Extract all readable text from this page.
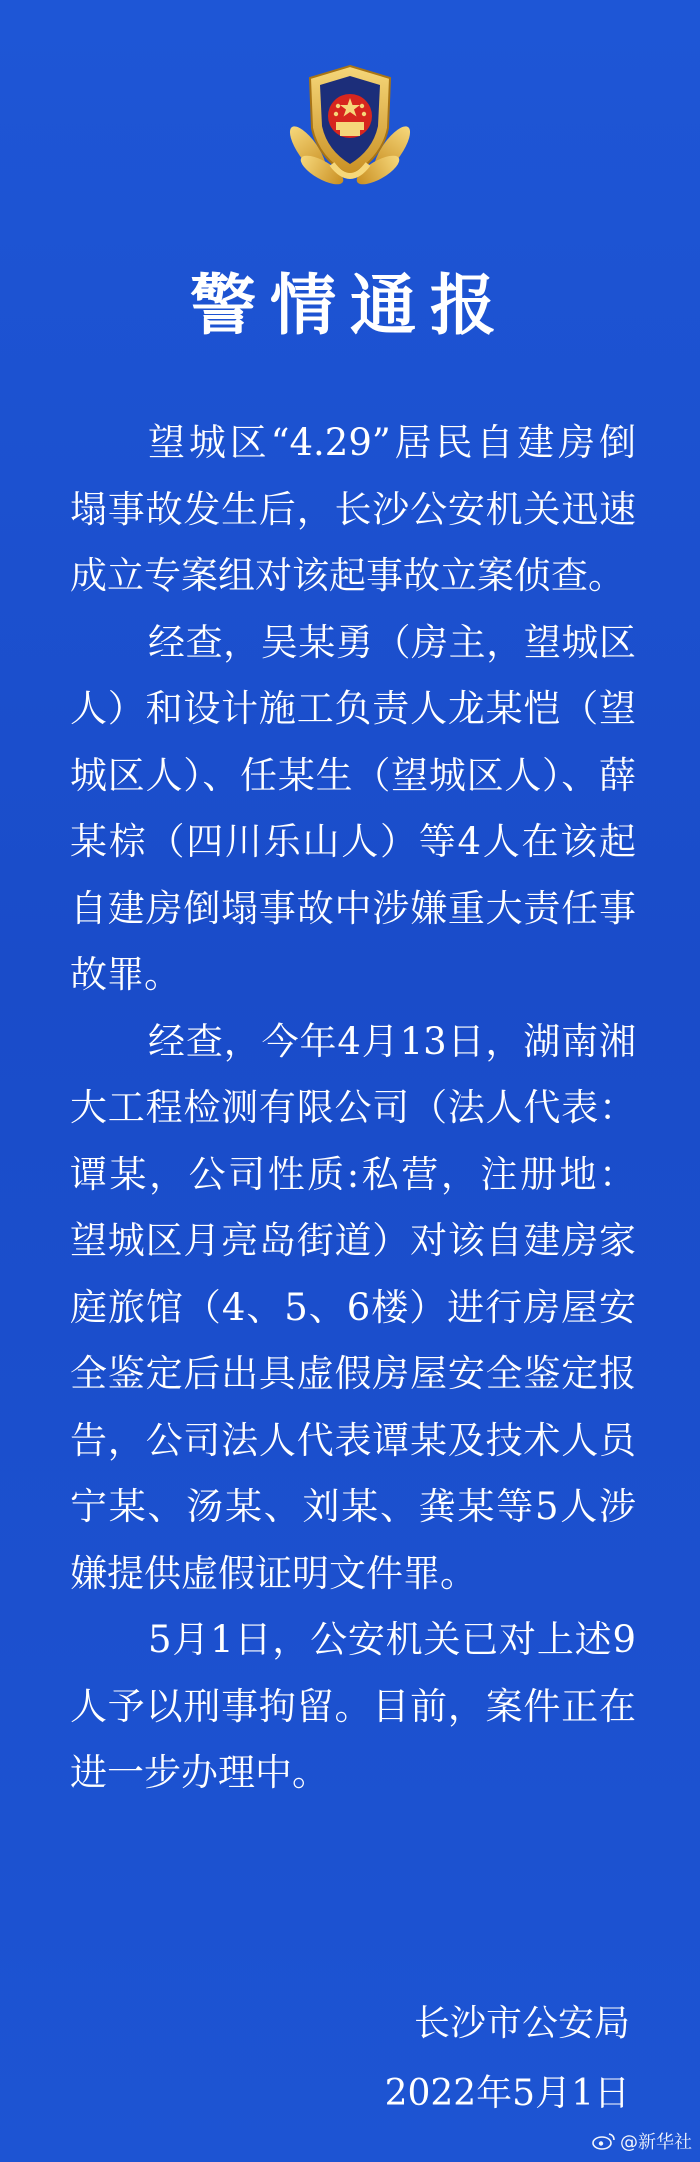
警情通报

望城区“4.29”居民自建房倒塌事故发生后，长沙公安机关迅速成立专案组对该起事故立案侦查。

经查，吴某勇（房主，望城区人）和设计施工负责人龙某恺（望城区人）、任某生（望城区人）、薛某棕（四川乐山人）等4人在该起自建房倒塌事故中涉嫌重大责任事故罪。

经查，今年4月13日，湖南湘大工程检测有限公司（法人代表：谭某，公司性质:私营，注册地：望城区月亮岛街道）对该自建房家庭旅馆（4、5、6楼）进行房屋安全鉴定后出具虚假房屋安全鉴定报告，公司法人代表谭某及技术人员宁某、汤某、刘某、龚某等5人涉嫌提供虚假证明文件罪。

5月1日，公安机关已对上述9人予以刑事拘留。目前，案件正在进一步办理中。

长沙市公安局
2022年5月1日
@新华社
